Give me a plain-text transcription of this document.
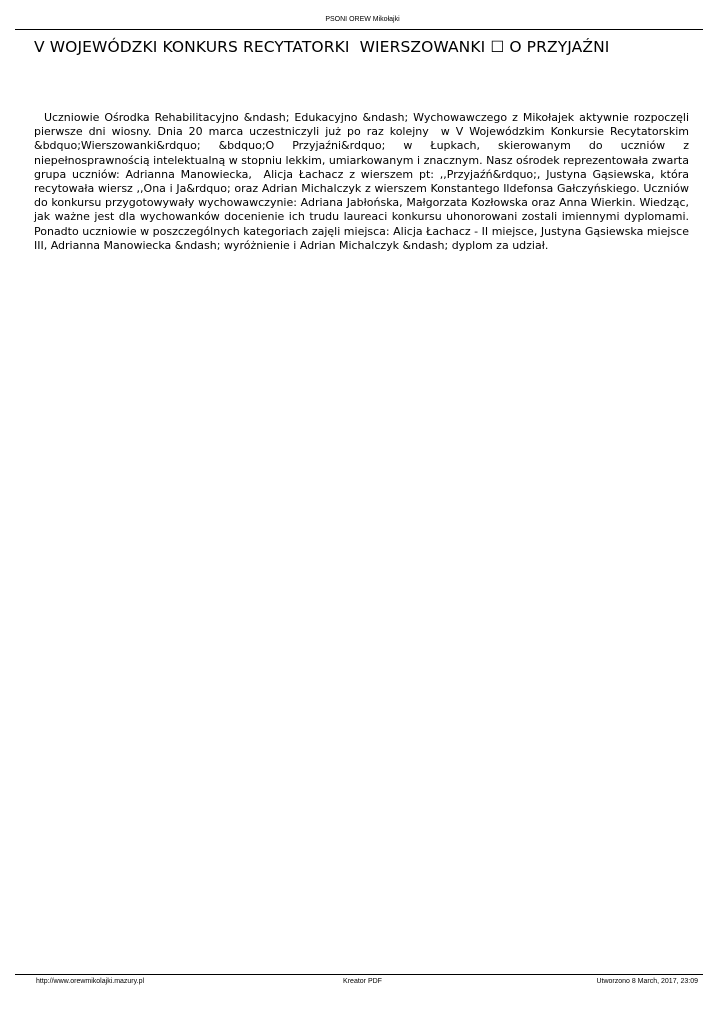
PSONI OREW Mikołajki
V WOJEWÓDZKI KONKURS RECYTATORKI  WIERSZOWANKI ☐ O PRZYJAŹNI

Uczniowie Ośrodka Rehabilitacyjno &ndash; Edukacyjno &ndash; Wychowawczego z Mikołajek aktywnie rozpoczęli pierwsze dni wiosny. Dnia 20 marca uczestniczyli już po raz kolejny  w V Wojewódzkim Konkursie Recytatorskim &bdquo;Wierszowanki&rdquo; &bdquo;O Przyjaźni&rdquo; w Łupkach, skierowanym do uczniów z niepełnosprawnością intelektualną w stopniu lekkim, umiarkowanym i znacznym. Nasz ośrodek reprezentowała zwarta grupa uczniów: Adrianna Manowiecka,  Alicja Łachacz z wierszem pt: ,,Przyjaźń&rdquo;, Justyna Gąsiewska, która recytowała wiersz ,,Ona i Ja&rdquo; oraz Adrian Michalczyk z wierszem Konstantego Ildefonsa Gałczyńskiego. Uczniów do konkursu przygotowywały wychowawczynie: Adriana Jabłońska, Małgorzata Kozłowska oraz Anna Wierkin. Wiedząc, jak ważne jest dla wychowanków docenienie ich trudu laureaci konkursu uhonorowani zostali imiennymi dyplomami. Ponadto uczniowie w poszczególnych kategoriach zajęli miejsca: Alicja Łachacz - II miejsce, Justyna Gąsiewska miejsce III, Adrianna Manowiecka &ndash; wyróżnienie i Adrian Michalczyk &ndash; dyplom za udział.

http://www.orewmikolajki.mazury.pl	Kreator PDF	Utworzono 8 March, 2017, 23:09
